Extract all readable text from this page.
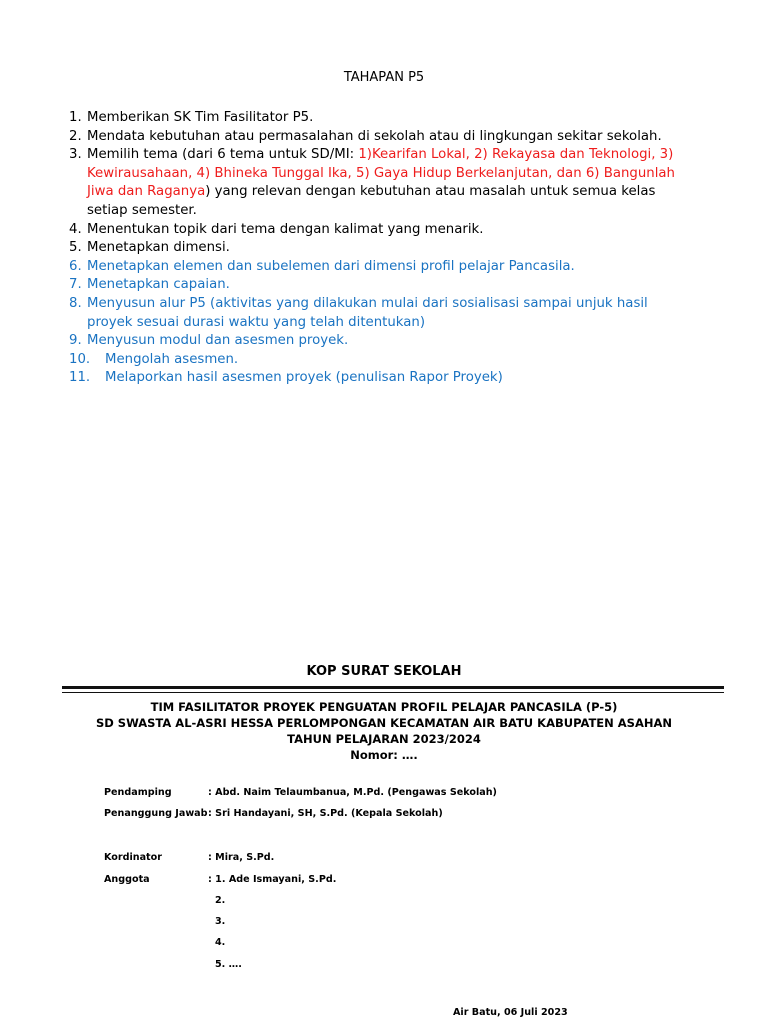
TAHAPAN P5
1. Memberikan SK Tim Fasilitator P5.
2. Mendata kebutuhan atau permasalahan di sekolah atau di lingkungan sekitar sekolah.
3. Memilih tema (dari 6 tema untuk SD/MI: 1)Kearifan Lokal, 2) Rekayasa dan Teknologi, 3) Kewirausahaan, 4) Bhineka Tunggal Ika, 5) Gaya Hidup Berkelanjutan, dan 6) Bangunlah Jiwa dan Raganya) yang relevan dengan kebutuhan atau masalah untuk semua kelas setiap semester.
4. Menentukan topik dari tema dengan kalimat yang menarik.
5. Menetapkan dimensi.
6. Menetapkan elemen dan subelemen dari dimensi profil pelajar Pancasila.
7. Menetapkan capaian.
8. Menyusun alur P5 (aktivitas yang dilakukan mulai dari sosialisasi sampai unjuk hasil proyek sesuai durasi waktu yang telah ditentukan)
9. Menyusun modul dan asesmen proyek.
10. Mengolah asesmen.
11. Melaporkan hasil asesmen proyek (penulisan Rapor Proyek)
KOP SURAT SEKOLAH
TIM FASILITATOR PROYEK PENGUATAN PROFIL PELAJAR PANCASILA (P-5)
SD SWASTA AL-ASRI HESSA PERLOMPONGAN KECAMATAN AIR BATU KABUPATEN ASAHAN
TAHUN PELAJARAN 2023/2024
Nomor: ….
Pendamping	: Abd. Naim Telaumbanua, M.Pd. (Pengawas Sekolah)
Penanggung Jawab: Sri Handayani, SH, S.Pd. (Kepala Sekolah)
Kordinator	: Mira, S.Pd.
Anggota	: 1. Ade Ismayani, S.Pd.
2.
3.
4.
5. ….
Air Batu, 06 Juli 2023
